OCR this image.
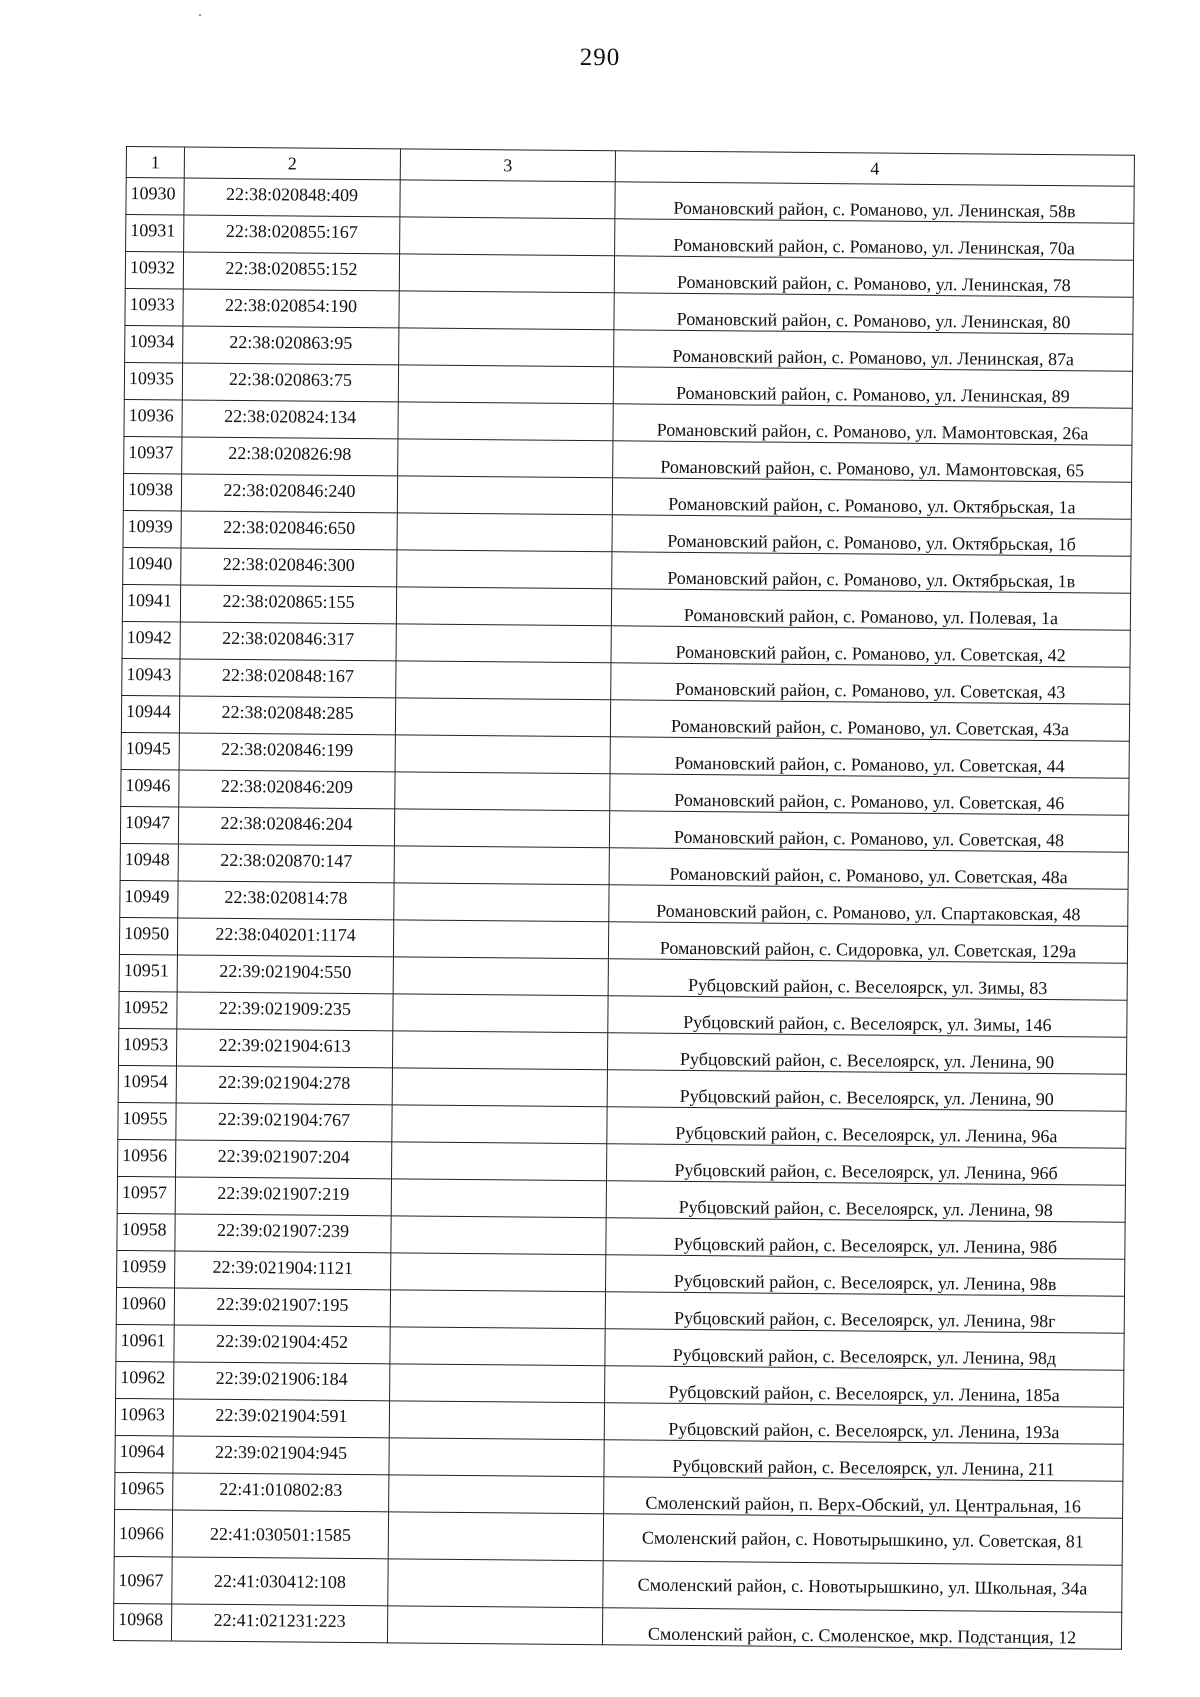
290
1	2	3	4
10930	22:38:020848:409		Романовский район, с. Романово, ул. Ленинская, 58в
10931	22:38:020855:167		Романовский район, с. Романово, ул. Ленинская, 70а
10932	22:38:020855:152		Романовский район, с. Романово, ул. Ленинская, 78
10933	22:38:020854:190		Романовский район, с. Романово, ул. Ленинская, 80
10934	22:38:020863:95		Романовский район, с. Романово, ул. Ленинская, 87а
10935	22:38:020863:75		Романовский район, с. Романово, ул. Ленинская, 89
10936	22:38:020824:134		Романовский район, с. Романово, ул. Мамонтовская, 26а
10937	22:38:020826:98		Романовский район, с. Романово, ул. Мамонтовская, 65
10938	22:38:020846:240		Романовский район, с. Романово, ул. Октябрьская, 1а
10939	22:38:020846:650		Романовский район, с. Романово, ул. Октябрьская, 1б
10940	22:38:020846:300		Романовский район, с. Романово, ул. Октябрьская, 1в
10941	22:38:020865:155		Романовский район, с. Романово, ул. Полевая, 1а
10942	22:38:020846:317		Романовский район, с. Романово, ул. Советская, 42
10943	22:38:020848:167		Романовский район, с. Романово, ул. Советская, 43
10944	22:38:020848:285		Романовский район, с. Романово, ул. Советская, 43а
10945	22:38:020846:199		Романовский район, с. Романово, ул. Советская, 44
10946	22:38:020846:209		Романовский район, с. Романово, ул. Советская, 46
10947	22:38:020846:204		Романовский район, с. Романово, ул. Советская, 48
10948	22:38:020870:147		Романовский район, с. Романово, ул. Советская, 48а
10949	22:38:020814:78		Романовский район, с. Романово, ул. Спартаковская, 48
10950	22:38:040201:1174		Романовский район, с. Сидоровка, ул. Советская, 129а
10951	22:39:021904:550		Рубцовский район, с. Веселоярск, ул. Зимы, 83
10952	22:39:021909:235		Рубцовский район, с. Веселоярск, ул. Зимы, 146
10953	22:39:021904:613		Рубцовский район, с. Веселоярск, ул. Ленина, 90
10954	22:39:021904:278		Рубцовский район, с. Веселоярск, ул. Ленина, 90
10955	22:39:021904:767		Рубцовский район, с. Веселоярск, ул. Ленина, 96а
10956	22:39:021907:204		Рубцовский район, с. Веселоярск, ул. Ленина, 96б
10957	22:39:021907:219		Рубцовский район, с. Веселоярск, ул. Ленина, 98
10958	22:39:021907:239		Рубцовский район, с. Веселоярск, ул. Ленина, 98б
10959	22:39:021904:1121		Рубцовский район, с. Веселоярск, ул. Ленина, 98в
10960	22:39:021907:195		Рубцовский район, с. Веселоярск, ул. Ленина, 98г
10961	22:39:021904:452		Рубцовский район, с. Веселоярск, ул. Ленина, 98д
10962	22:39:021906:184		Рубцовский район, с. Веселоярск, ул. Ленина, 185а
10963	22:39:021904:591		Рубцовский район, с. Веселоярск, ул. Ленина, 193а
10964	22:39:021904:945		Рубцовский район, с. Веселоярск, ул. Ленина, 211
10965	22:41:010802:83		Смоленский район, п. Верх-Обский, ул. Центральная, 16
10966	22:41:030501:1585		Смоленский район, с. Новотырышкино, ул. Советская, 81
10967	22:41:030412:108		Смоленский район, с. Новотырышкино, ул. Школьная, 34а
10968	22:41:021231:223		Смоленский район, с. Смоленское, мкр. Подстанция, 12
